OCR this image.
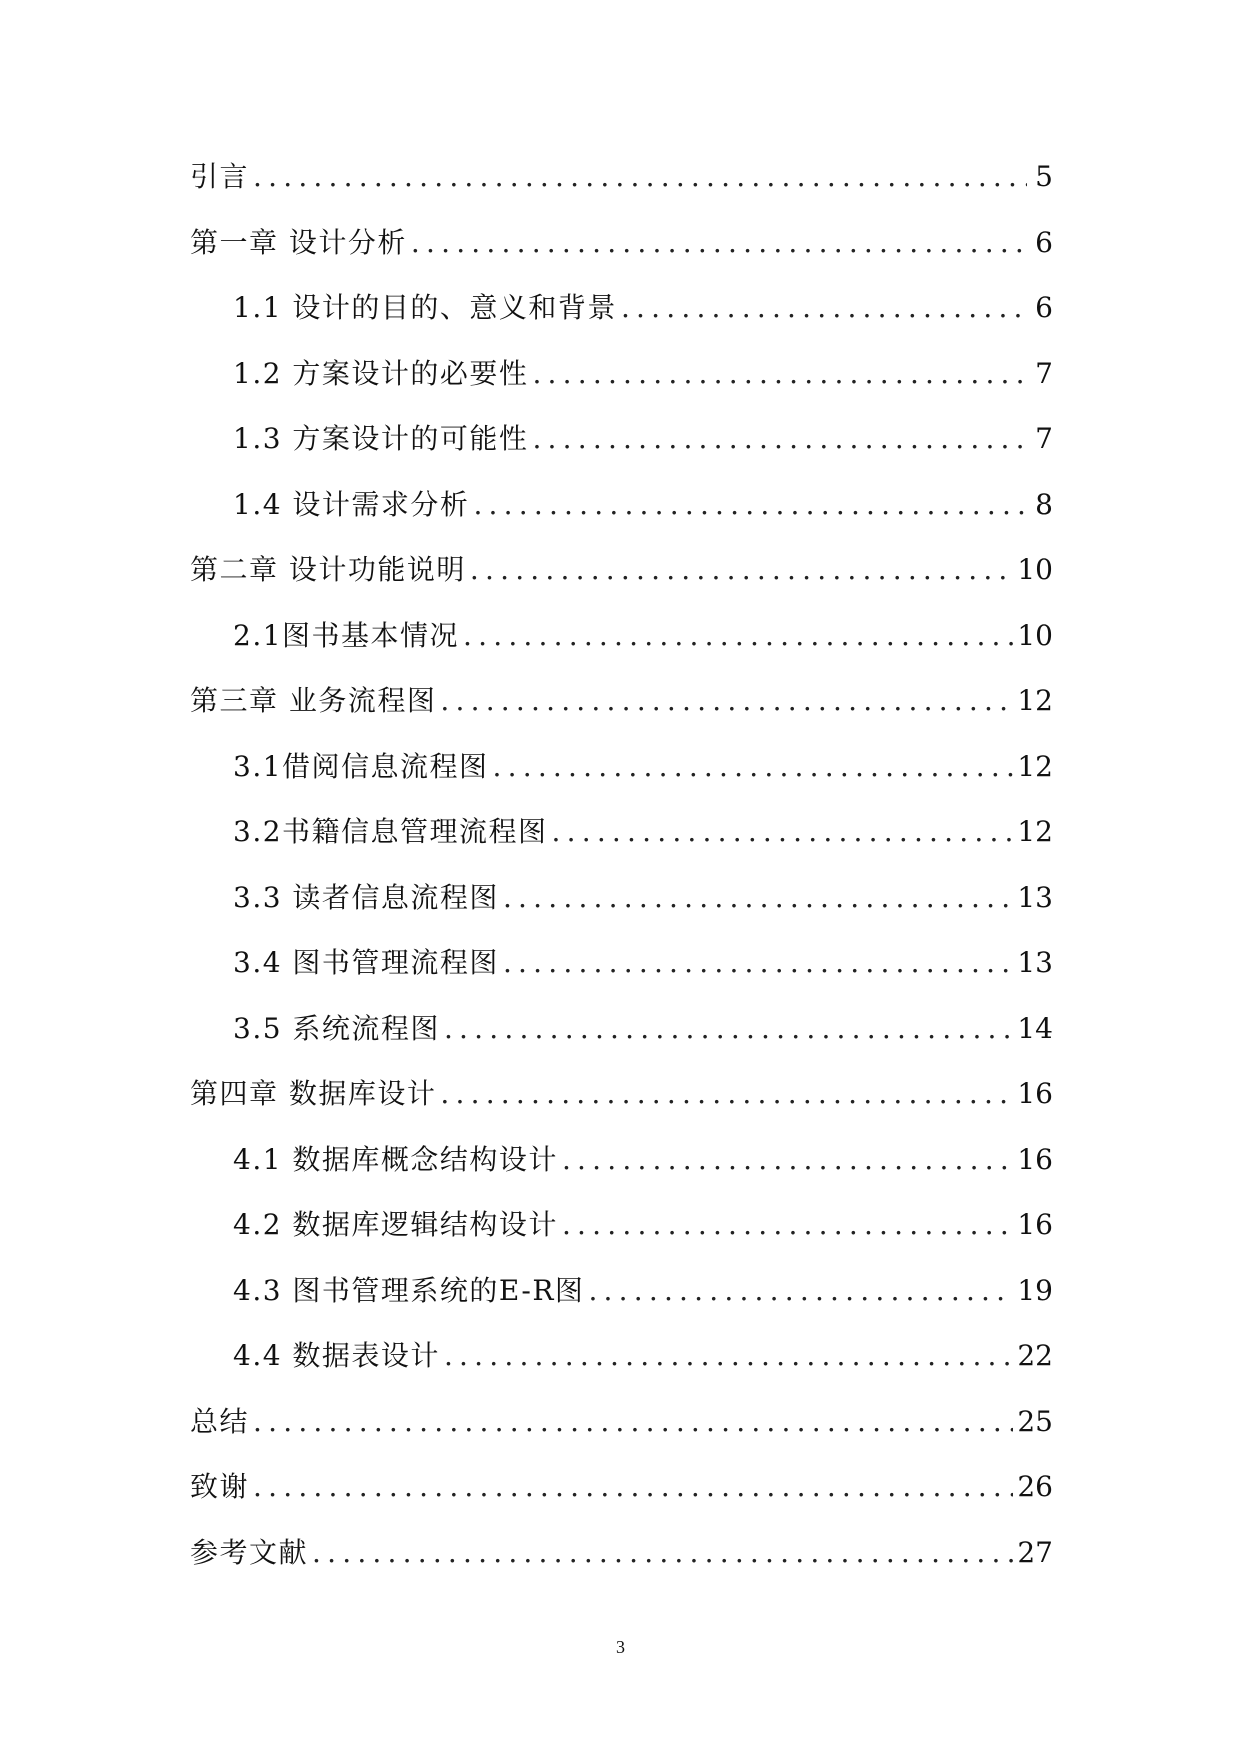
引言 .....	5
第一章 设计分析 .....	6
1.1 设计的目的、意义和背景 .....	6
1.2 方案设计的必要性 .....	7
1.3 方案设计的可能性 .....	7
1.4 设计需求分析 .....	8
第二章 设计功能说明 .....	10
2.1图书基本情况 .....	10
第三章 业务流程图 .....	12
3.1借阅信息流程图 .....	12
3.2书籍信息管理流程图 .....	12
3.3 读者信息流程图 .....	13
3.4 图书管理流程图 .....	13
3.5 系统流程图 .....	14
第四章 数据库设计 .....	16
4.1 数据库概念结构设计 .....	16
4.2 数据库逻辑结构设计 .....	16
4.3 图书管理系统的E-R图 .....	19
4.4 数据表设计 .....	22
总结 .....	25
致谢 .....	26
参考文献 .....	27
3
